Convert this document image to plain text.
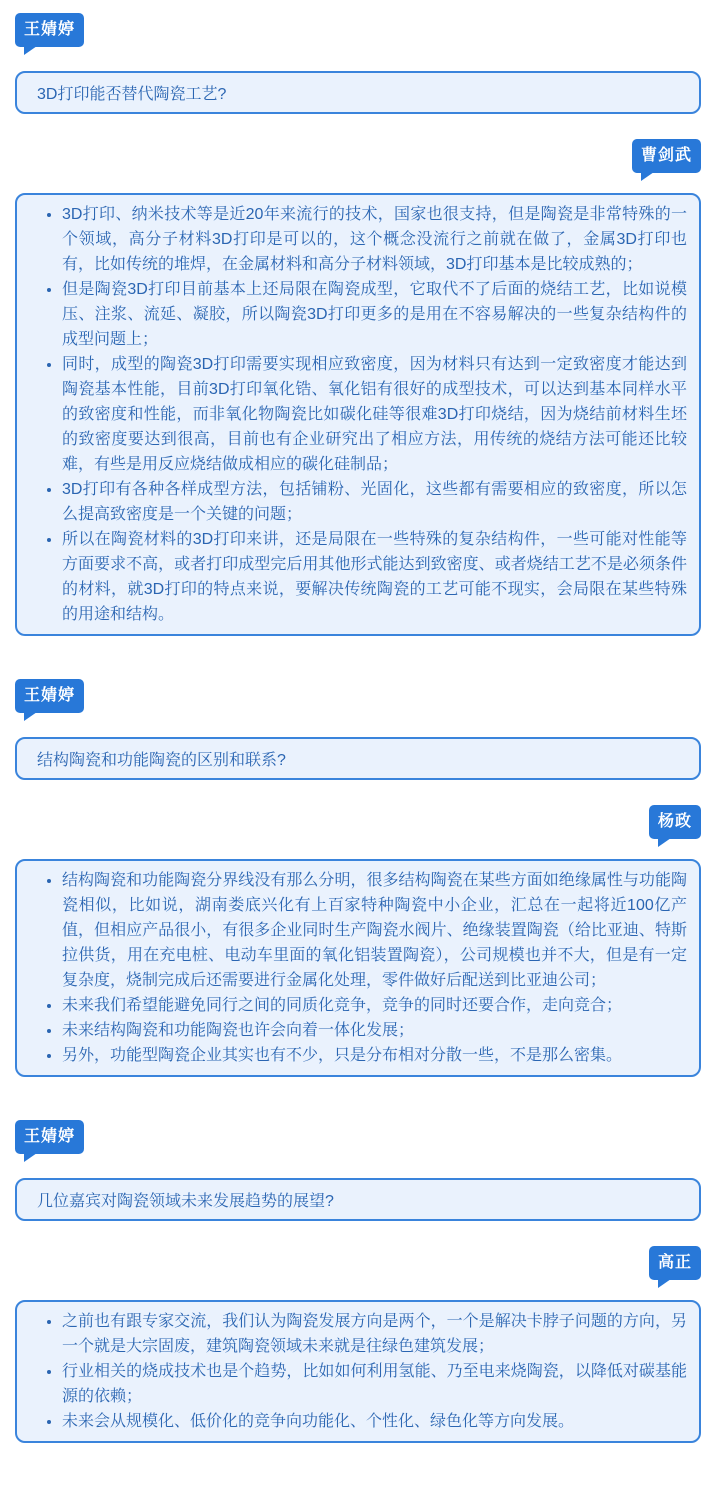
王婧婷
3D打印能否替代陶瓷工艺?
曹剑武
• 3D打印、纳米技术等是近20年来流行的技术，国家也很支持，但是陶瓷是非常特殊的一个领域，高分子材料3D打印是可以的，这个概念没流行之前就在做了，金属3D打印也有，比如传统的堆焊，在金属材料和高分子材料领域，3D打印基本是比较成熟的；
• 但是陶瓷3D打印目前基本上还局限在陶瓷成型，它取代不了后面的烧结工艺，比如说模压、注浆、流延、凝胶，所以陶瓷3D打印更多的是用在不容易解决的一些复杂结构件的成型问题上；
• 同时，成型的陶瓷3D打印需要实现相应致密度，因为材料只有达到一定致密度才能达到陶瓷基本性能，目前3D打印氧化锆、氧化铝有很好的成型技术，可以达到基本同样水平的致密度和性能，而非氧化物陶瓷比如碳化硅等很难3D打印烧结，因为烧结前材料生坯的致密度要达到很高，目前也有企业研究出了相应方法，用传统的烧结方法可能还比较难，有些是用反应烧结做成相应的碳化硅制品；
• 3D打印有各种各样成型方法，包括铺粉、光固化，这些都有需要相应的致密度，所以怎么提高致密度是一个关键的问题；
• 所以在陶瓷材料的3D打印来讲，还是局限在一些特殊的复杂结构件，一些可能对性能等方面要求不高，或者打印成型完后用其他形式能达到致密度、或者烧结工艺不是必须条件的材料，就3D打印的特点来说，要解决传统陶瓷的工艺可能不现实，会局限在某些特殊的用途和结构。
王婧婷
结构陶瓷和功能陶瓷的区别和联系?
杨政
• 结构陶瓷和功能陶瓷分界线没有那么分明，很多结构陶瓷在某些方面如绝缘属性与功能陶瓷相似，比如说，湖南娄底兴化有上百家特种陶瓷中小企业，汇总在一起将近100亿产值，但相应产品很小，有很多企业同时生产陶瓷水阀片、绝缘装置陶瓷（给比亚迪、特斯拉供货，用在充电桩、电动车里面的氧化铝装置陶瓷），公司规模也并不大，但是有一定复杂度，烧制完成后还需要进行金属化处理，零件做好后配送到比亚迪公司；
• 未来我们希望能避免同行之间的同质化竞争，竞争的同时还要合作，走向竞合；
• 未来结构陶瓷和功能陶瓷也许会向着一体化发展；
• 另外，功能型陶瓷企业其实也有不少，只是分布相对分散一些，不是那么密集。
王婧婷
几位嘉宾对陶瓷领域未来发展趋势的展望?
高正
• 之前也有跟专家交流，我们认为陶瓷发展方向是两个，一个是解决卡脖子问题的方向，另一个就是大宗固废，建筑陶瓷领域未来就是往绿色建筑发展；
• 行业相关的烧成技术也是个趋势，比如如何利用氢能、乃至电来烧陶瓷，以降低对碳基能源的依赖；
• 未来会从规模化、低价化的竞争向功能化、个性化、绿色化等方向发展。
